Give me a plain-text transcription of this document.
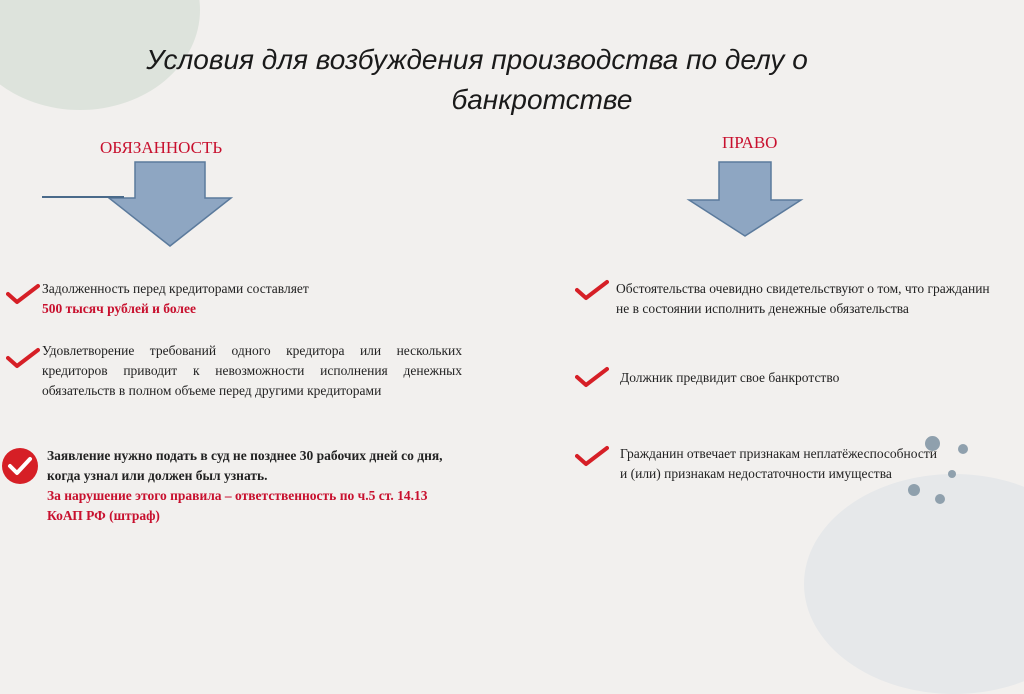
Условия для возбуждения производства по делу о
банкротстве
ОБЯЗАННОСТЬ	ПРАВО
Задолженность перед кредиторами составляет
500 тысяч рублей и более
Удовлетворение требований одного кредитора или нескольких кредиторов приводит к невозможности исполнения денежных обязательств в полном объеме перед другими кредиторами
Заявление нужно подать в суд не позднее 30 рабочих дней со дня, когда узнал или должен был узнать.
За нарушение этого правила – ответственность по ч.5 ст. 14.13 КоАП РФ (штраф)
Обстоятельства очевидно свидетельствуют о том, что гражданин не в состоянии исполнить денежные обязательства
Должник предвидит свое банкротство
Гражданин отвечает признакам неплатёжеспособности и (или) признакам недостаточности имущества
